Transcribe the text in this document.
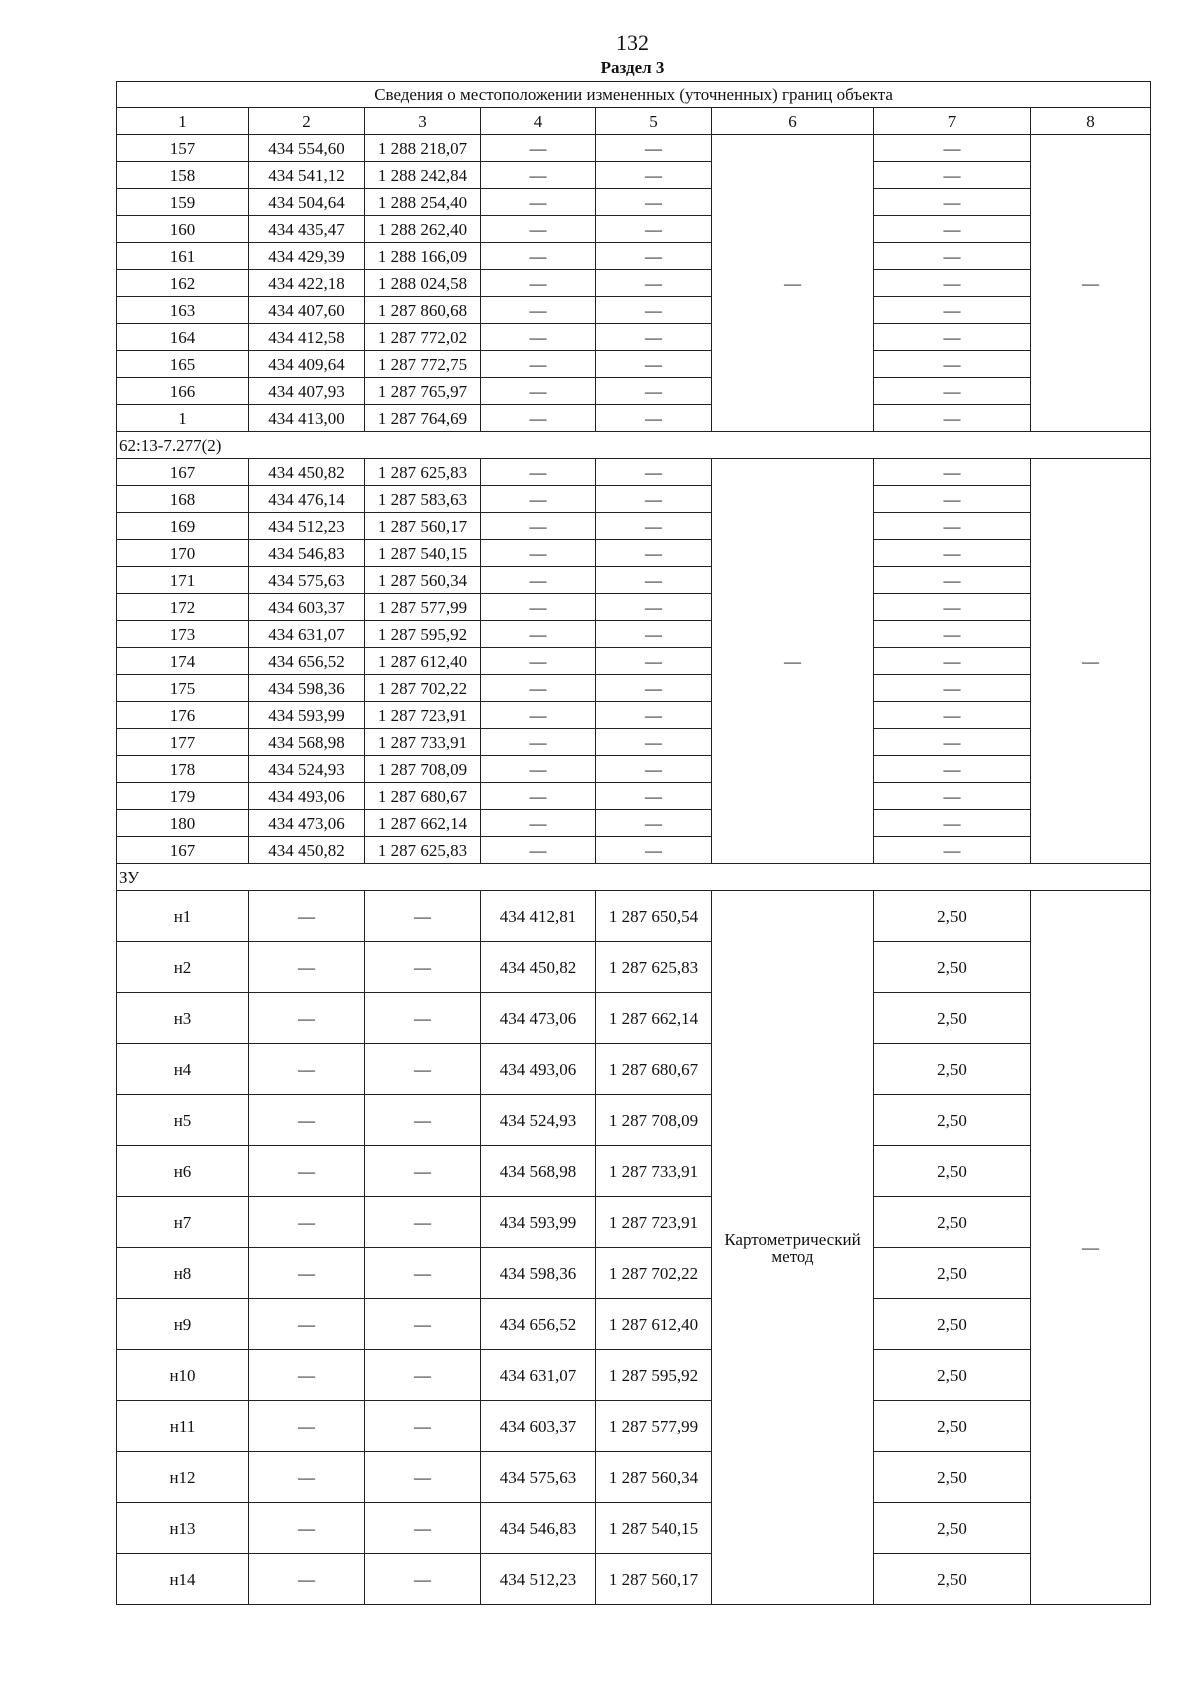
132
Раздел 3
Сведения о местоположении измененных (уточненных) границ объекта							
1	2	3	4	5	6	7	8
157	434 554,60	1 288 218,07	—	—	—	—	—
158	434 541,12	1 288 242,84	—	—		—	
159	434 504,64	1 288 254,40	—	—		—	
160	434 435,47	1 288 262,40	—	—		—	
161	434 429,39	1 288 166,09	—	—		—	
162	434 422,18	1 288 024,58	—	—		—	
163	434 407,60	1 287 860,68	—	—		—	
164	434 412,58	1 287 772,02	—	—		—	
165	434 409,64	1 287 772,75	—	—		—	
166	434 407,93	1 287 765,97	—	—		—	
1	434 413,00	1 287 764,69	—	—		—	
62:13-7.277(2)							
167	434 450,82	1 287 625,83	—	—	—	—	—
168	434 476,14	1 287 583,63	—	—		—	
169	434 512,23	1 287 560,17	—	—		—	
170	434 546,83	1 287 540,15	—	—		—	
171	434 575,63	1 287 560,34	—	—		—	
172	434 603,37	1 287 577,99	—	—		—	
173	434 631,07	1 287 595,92	—	—		—	
174	434 656,52	1 287 612,40	—	—		—	
175	434 598,36	1 287 702,22	—	—		—	
176	434 593,99	1 287 723,91	—	—		—	
177	434 568,98	1 287 733,91	—	—		—	
178	434 524,93	1 287 708,09	—	—		—	
179	434 493,06	1 287 680,67	—	—		—	
180	434 473,06	1 287 662,14	—	—		—	
167	434 450,82	1 287 625,83	—	—		—	
ЗУ							
н1	—	—	434 412,81	1 287 650,54	Картометрический метод	2,50	—
н2	—	—	434 450,82	1 287 625,83		2,50	
н3	—	—	434 473,06	1 287 662,14		2,50	
н4	—	—	434 493,06	1 287 680,67		2,50	
н5	—	—	434 524,93	1 287 708,09		2,50	
н6	—	—	434 568,98	1 287 733,91		2,50	
н7	—	—	434 593,99	1 287 723,91		2,50	
н8	—	—	434 598,36	1 287 702,22		2,50	
н9	—	—	434 656,52	1 287 612,40		2,50	
н10	—	—	434 631,07	1 287 595,92		2,50	
н11	—	—	434 603,37	1 287 577,99		2,50	
н12	—	—	434 575,63	1 287 560,34		2,50	
н13	—	—	434 546,83	1 287 540,15		2,50	
н14	—	—	434 512,23	1 287 560,17		2,50	
